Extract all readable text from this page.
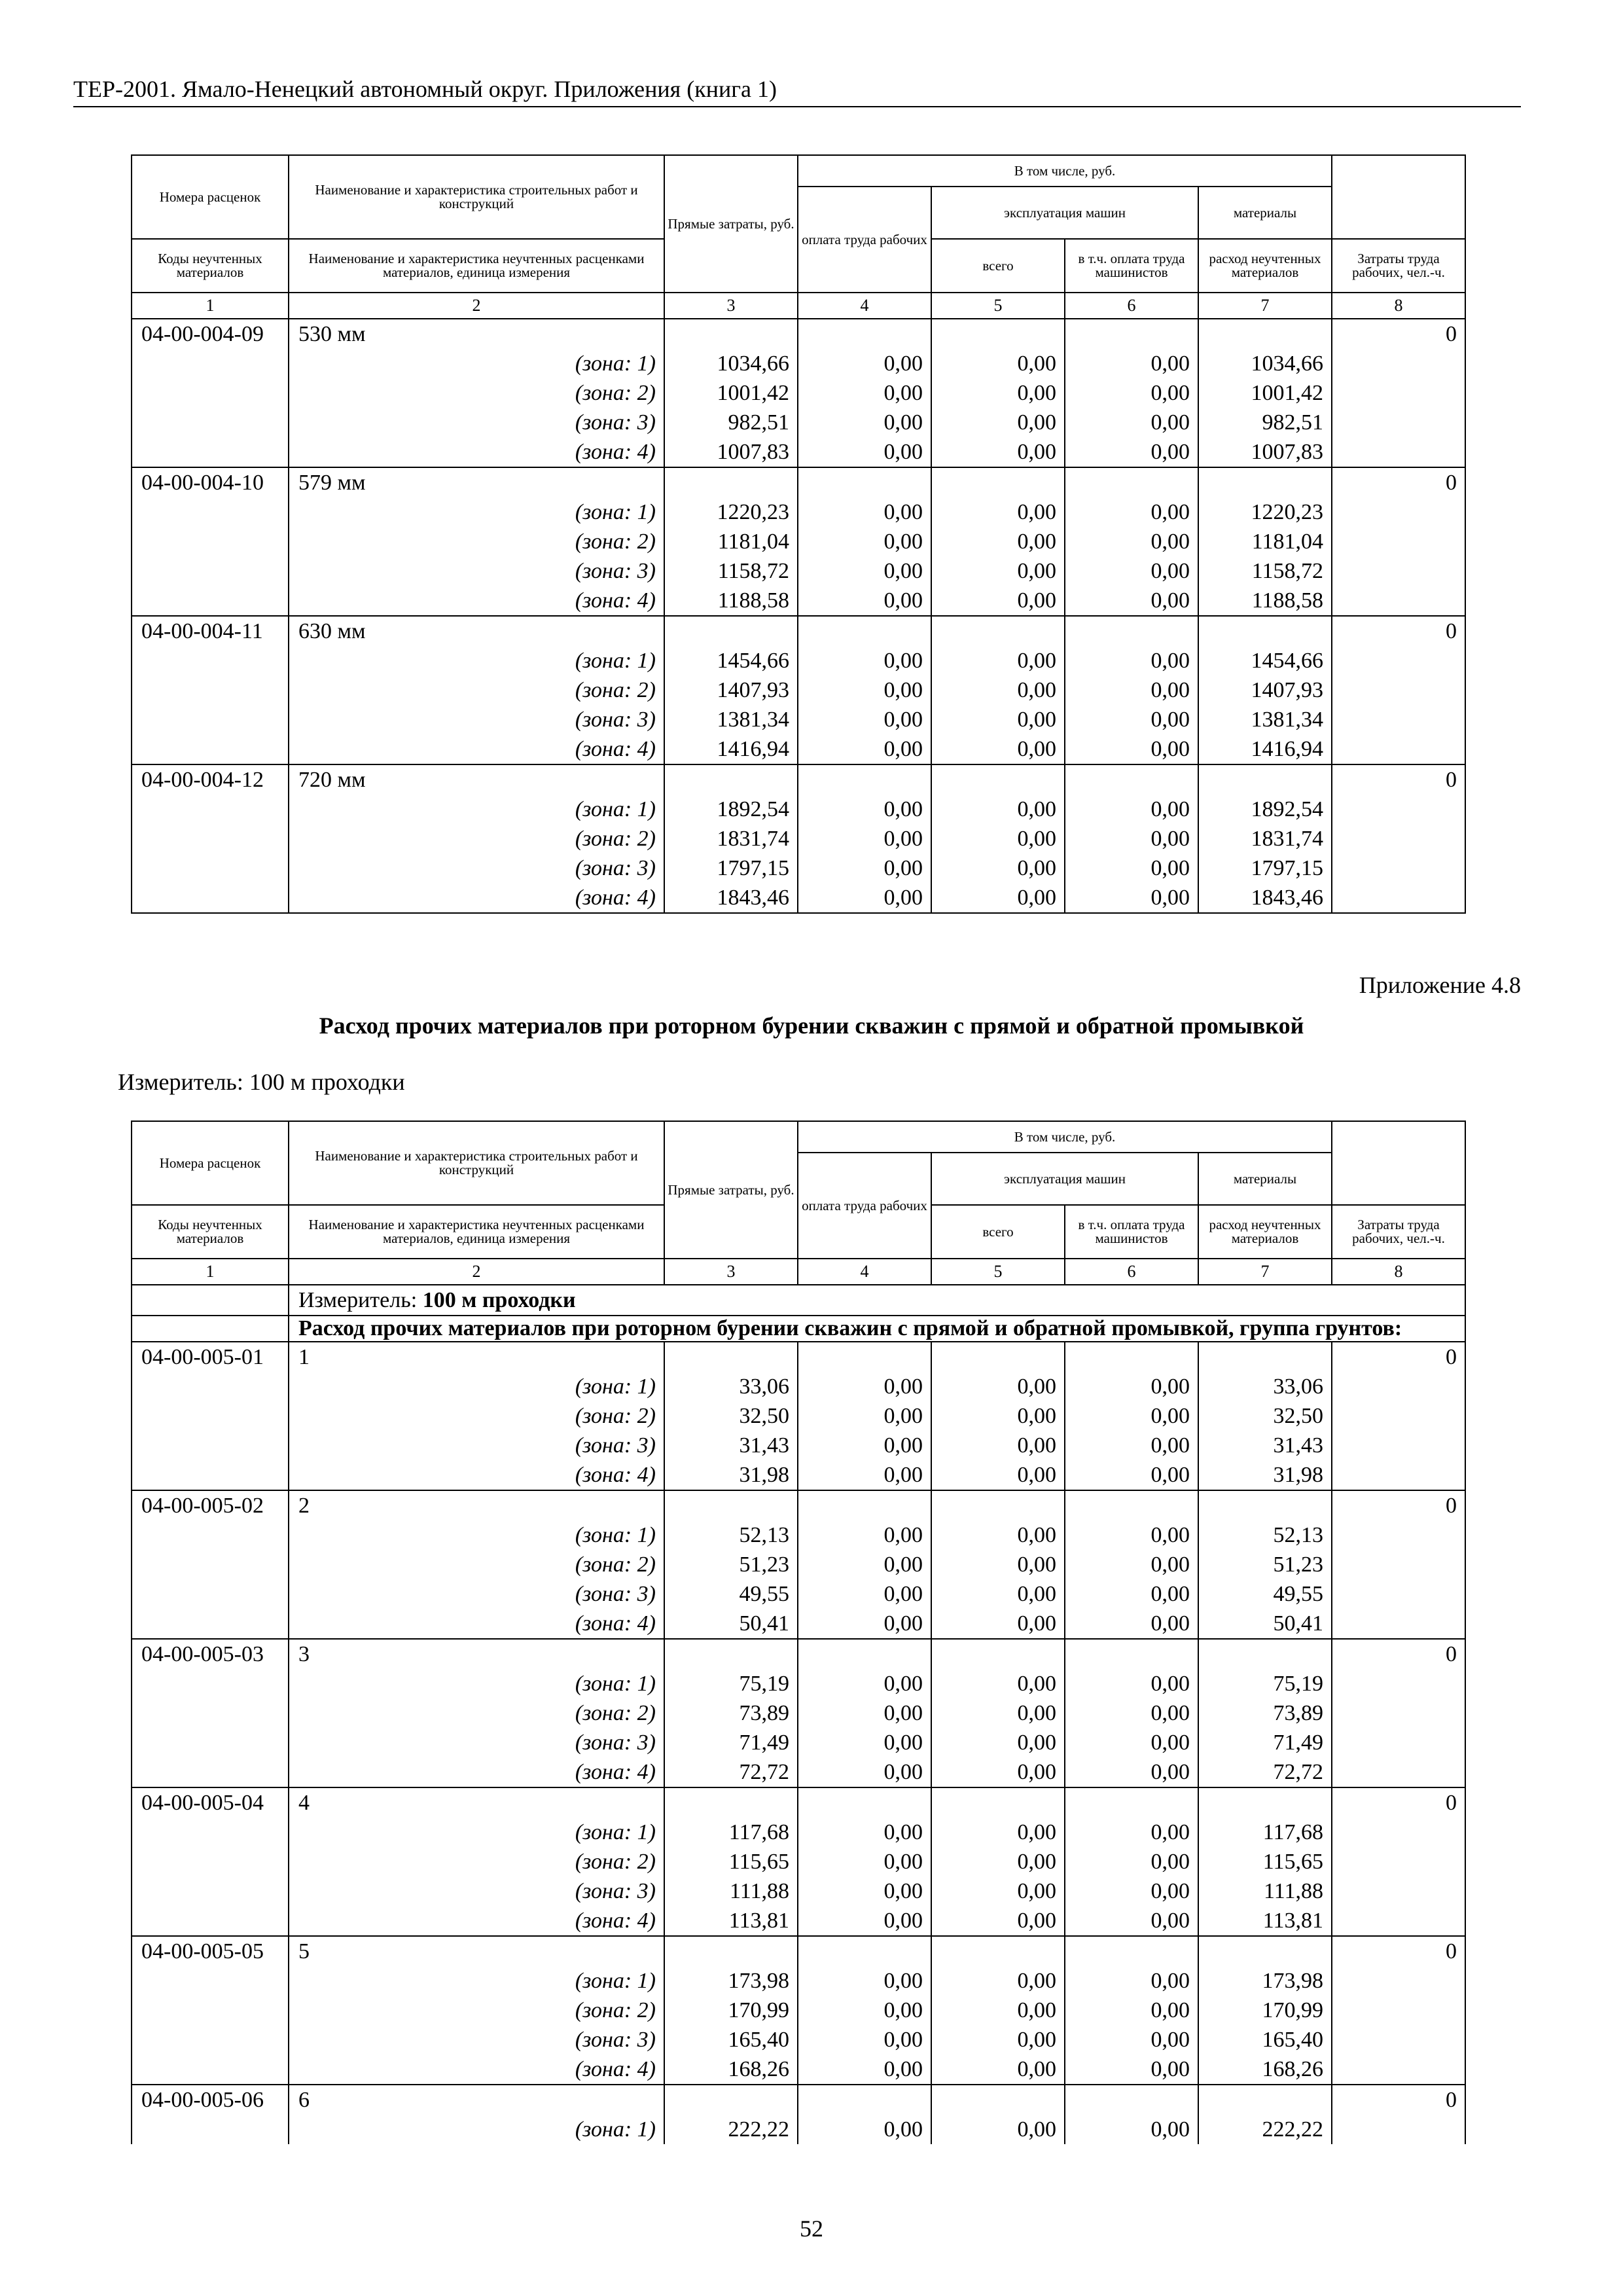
ТЕР-2001. Ямало-Ненецкий автономный округ. Приложения (книга 1)
Номера расценок	Наименование и характеристика строительных работ и конструкций	Прямые затраты, руб.	В том числе, руб.				
			оплата труда рабочих	эксплуатация машин		материалы	
Коды неучтенных материалов	Наименование и характеристика неучтенных расценками материалов, единица измерения			всего	в т.ч. оплата труда машинистов	расход неучтенных материалов	Затраты труда рабочих, чел.-ч.
1	2	3	4	5	6	7	8
04-00-004-09	530 мм						0
	(зона: 1)	1034,66	0,00	0,00	0,00	1034,66	
	(зона: 2)	1001,42	0,00	0,00	0,00	1001,42	
	(зона: 3)	982,51	0,00	0,00	0,00	982,51	
	(зона: 4)	1007,83	0,00	0,00	0,00	1007,83	
04-00-004-10	579 мм						0
	(зона: 1)	1220,23	0,00	0,00	0,00	1220,23	
	(зона: 2)	1181,04	0,00	0,00	0,00	1181,04	
	(зона: 3)	1158,72	0,00	0,00	0,00	1158,72	
	(зона: 4)	1188,58	0,00	0,00	0,00	1188,58	
04-00-004-11	630 мм						0
	(зона: 1)	1454,66	0,00	0,00	0,00	1454,66	
	(зона: 2)	1407,93	0,00	0,00	0,00	1407,93	
	(зона: 3)	1381,34	0,00	0,00	0,00	1381,34	
	(зона: 4)	1416,94	0,00	0,00	0,00	1416,94	
04-00-004-12	720 мм						0
	(зона: 1)	1892,54	0,00	0,00	0,00	1892,54	
	(зона: 2)	1831,74	0,00	0,00	0,00	1831,74	
	(зона: 3)	1797,15	0,00	0,00	0,00	1797,15	
	(зона: 4)	1843,46	0,00	0,00	0,00	1843,46	
Приложение 4.8
Расход прочих материалов при роторном бурении скважин с прямой и обратной промывкой
Измеритель: 100 м проходки
Номера расценок	Наименование и характеристика строительных работ и конструкций	Прямые затраты, руб.	В том числе, руб.				
			оплата труда рабочих	эксплуатация машин		материалы	
Коды неучтенных материалов	Наименование и характеристика неучтенных расценками материалов, единица измерения			всего	в т.ч. оплата труда машинистов	расход неучтенных материалов	Затраты труда рабочих, чел.-ч.
1	2	3	4	5	6	7	8
	Измеритель: 100 м проходки						
	Расход прочих материалов при роторном бурении скважин с прямой и обратной промывкой, группа грунтов:						
04-00-005-01	1						0
	(зона: 1)	33,06	0,00	0,00	0,00	33,06	
	(зона: 2)	32,50	0,00	0,00	0,00	32,50	
	(зона: 3)	31,43	0,00	0,00	0,00	31,43	
	(зона: 4)	31,98	0,00	0,00	0,00	31,98	
04-00-005-02	2						0
	(зона: 1)	52,13	0,00	0,00	0,00	52,13	
	(зона: 2)	51,23	0,00	0,00	0,00	51,23	
	(зона: 3)	49,55	0,00	0,00	0,00	49,55	
	(зона: 4)	50,41	0,00	0,00	0,00	50,41	
04-00-005-03	3						0
	(зона: 1)	75,19	0,00	0,00	0,00	75,19	
	(зона: 2)	73,89	0,00	0,00	0,00	73,89	
	(зона: 3)	71,49	0,00	0,00	0,00	71,49	
	(зона: 4)	72,72	0,00	0,00	0,00	72,72	
04-00-005-04	4						0
	(зона: 1)	117,68	0,00	0,00	0,00	117,68	
	(зона: 2)	115,65	0,00	0,00	0,00	115,65	
	(зона: 3)	111,88	0,00	0,00	0,00	111,88	
	(зона: 4)	113,81	0,00	0,00	0,00	113,81	
04-00-005-05	5						0
	(зона: 1)	173,98	0,00	0,00	0,00	173,98	
	(зона: 2)	170,99	0,00	0,00	0,00	170,99	
	(зона: 3)	165,40	0,00	0,00	0,00	165,40	
	(зона: 4)	168,26	0,00	0,00	0,00	168,26	
04-00-005-06	6						0
	(зона: 1)	222,22	0,00	0,00	0,00	222,22	
52
